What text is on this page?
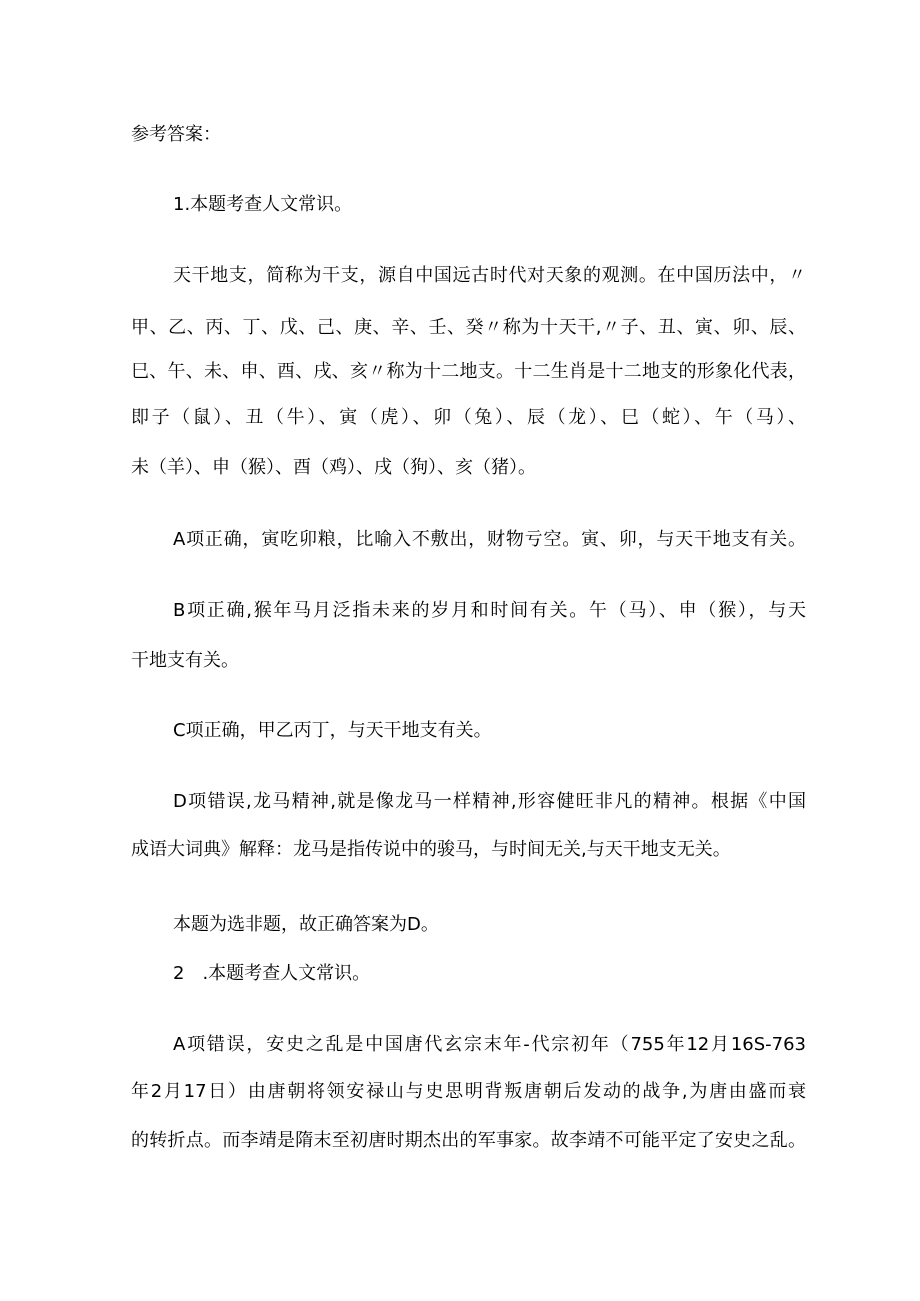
参考答案：

1.本题考查人文常识。

天干地支，简称为干支，源自中国远古时代对天象的观测。在中国历法中，〃

甲、乙、丙、丁、戊、己、庚、辛、壬、癸〃称为十天干,〃子、丑、寅、卯、辰、

巳、午、未、申、酉、戌、亥〃称为十二地支。十二生肖是十二地支的形象化代表，

即子（鼠）、丑（牛）、寅（虎）、卯（兔）、辰（龙）、巳（蛇）、午（马）、

未（羊）、申（猴）、酉（鸡）、戌（狗）、亥（猪）。

A项正确，寅吃卯粮，比喻入不敷出，财物亏空。寅、卯，与天干地支有关。

B项正确,猴年马月泛指未来的岁月和时间有关。午（马）、申（猴），与天

干地支有关。

C项正确，甲乙丙丁，与天干地支有关。

D项错误,龙马精神,就是像龙马一样精神,形容健旺非凡的精神。根据《中国

成语大词典》解释：龙马是指传说中的骏马，与时间无关,与天干地支无关。

本题为选非题，故正确答案为D。

2　.本题考查人文常识。

A项错误，安史之乱是中国唐代玄宗末年-代宗初年（755年12月16S-763

年2月17日）由唐朝将领安禄山与史思明背叛唐朝后发动的战争,为唐由盛而衰

的转折点。而李靖是隋末至初唐时期杰出的军事家。故李靖不可能平定了安史之乱。
